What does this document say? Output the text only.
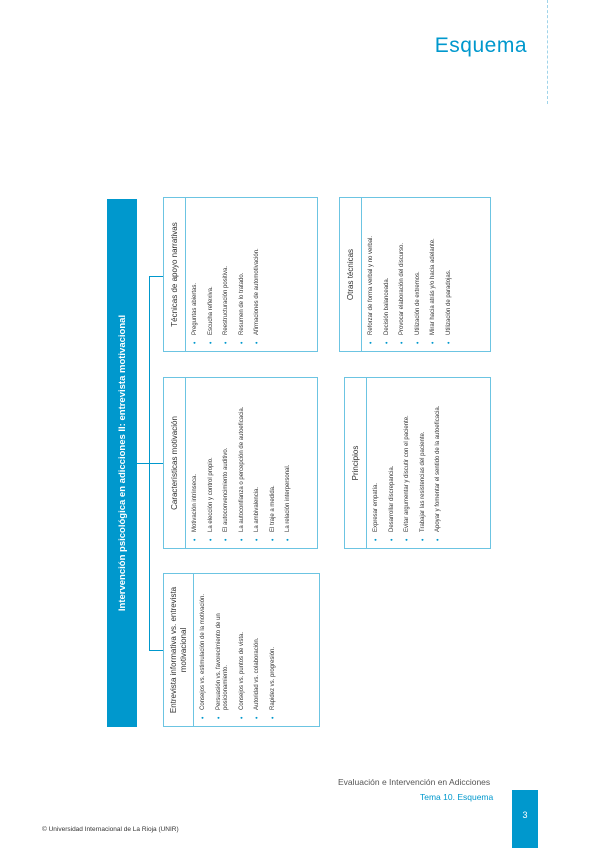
Esquema
Intervención psicológica en adicciones II: entrevista motivacional
Entrevista informativa vs. entrevista motivacional	• Consejos vs. estimulación de la motivación. • Persuasión vs. favorecimiento de un posicionamiento. • Consejos vs. puntos de vista. • Autoridad vs. colaboración. • Rapidez vs. progresión.
Características motivación	• Motivación intrínseca. • La elección y control propio. • El autoconvencimiento auditivo. • La autoconfianza o percepción de autoeficacia. • La ambivalencia. • El traje a medida. • La relación interpersonal.
Técnicas de apoyo narrativas	• Preguntas abiertas. • Escucha reflexiva. • Reestructuración positiva. • Resumen de lo tratado. • Afirmaciones de automotivación.
Principios
• Expresar empatía. • Desarrollar discrepancia. • Evitar argumentar y discutir con el paciente. • Trabajar las resistencias del paciente. • Apoyar y fomentar el sentido de la autoeficacia.
Otras técnicas	• Reforzar de forma verbal y no verbal. • Decisión balanceada. • Provocar elaboración del discurso. • Utilización de extremos. • Mirar hacia atrás y/o hacia adelante. • Utilización de paradojas.
Evaluación e Intervención en Adicciones
Tema 10. Esquema
3
© Universidad Internacional de La Rioja (UNIR)
